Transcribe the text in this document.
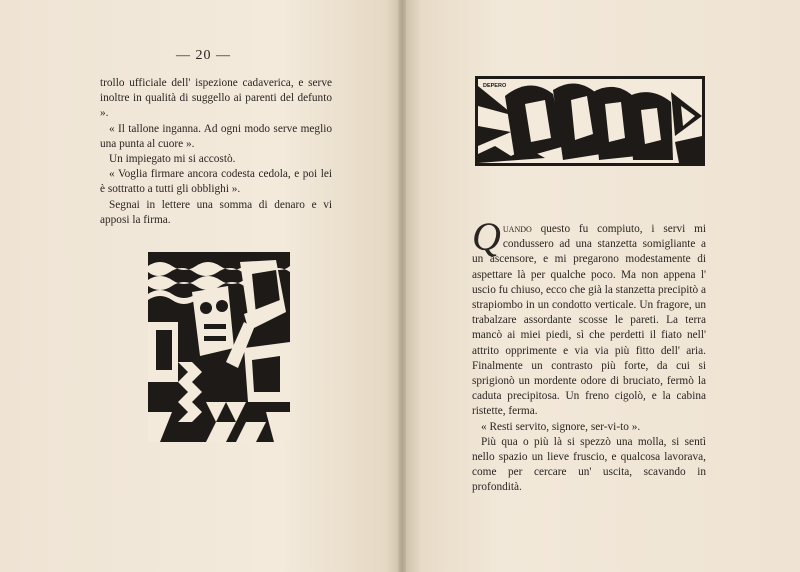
— 20 —

trollo ufficiale dell' ispezione cadaverica, e serve inoltre in qualità di suggello ai parenti del defunto ».

« Il tallone inganna. Ad ogni modo serve meglio una punta al cuore ».

Un impiegato mi si accostò.

« Voglia firmare ancora codesta cedola, e poi lei è sottratto a tutti gli obblighi ».

Segnai in lettere una somma di denaro e vi apposi la firma.

DEPERO

Quando questo fu compiuto, i servi mi condussero ad una stanzetta somigliante a un ascensore, e mi pregarono modestamente di aspettare là per qualche poco. Ma non appena l' uscio fu chiuso, ecco che già la stanzetta precipitò a strapiombo in un condotto verticale. Un fragore, un trabalzare assordante scosse le pareti. La terra mancò ai miei piedi, sì che perdetti il fiato nell' attrito opprimente e via via più fitto dell' aria. Finalmente un contrasto più forte, da cui si sprigionò un mordente odore di bruciato, fermò la caduta precipitosa. Un freno cigolò, e la cabina ristette, ferma.

« Resti servito, signore, ser-vi-to ».

Più qua o più là si spezzò una molla, si sentì nello spazio un lieve fruscio, e qualcosa lavorava, come per cercare un' uscita, scavando in profondità.
